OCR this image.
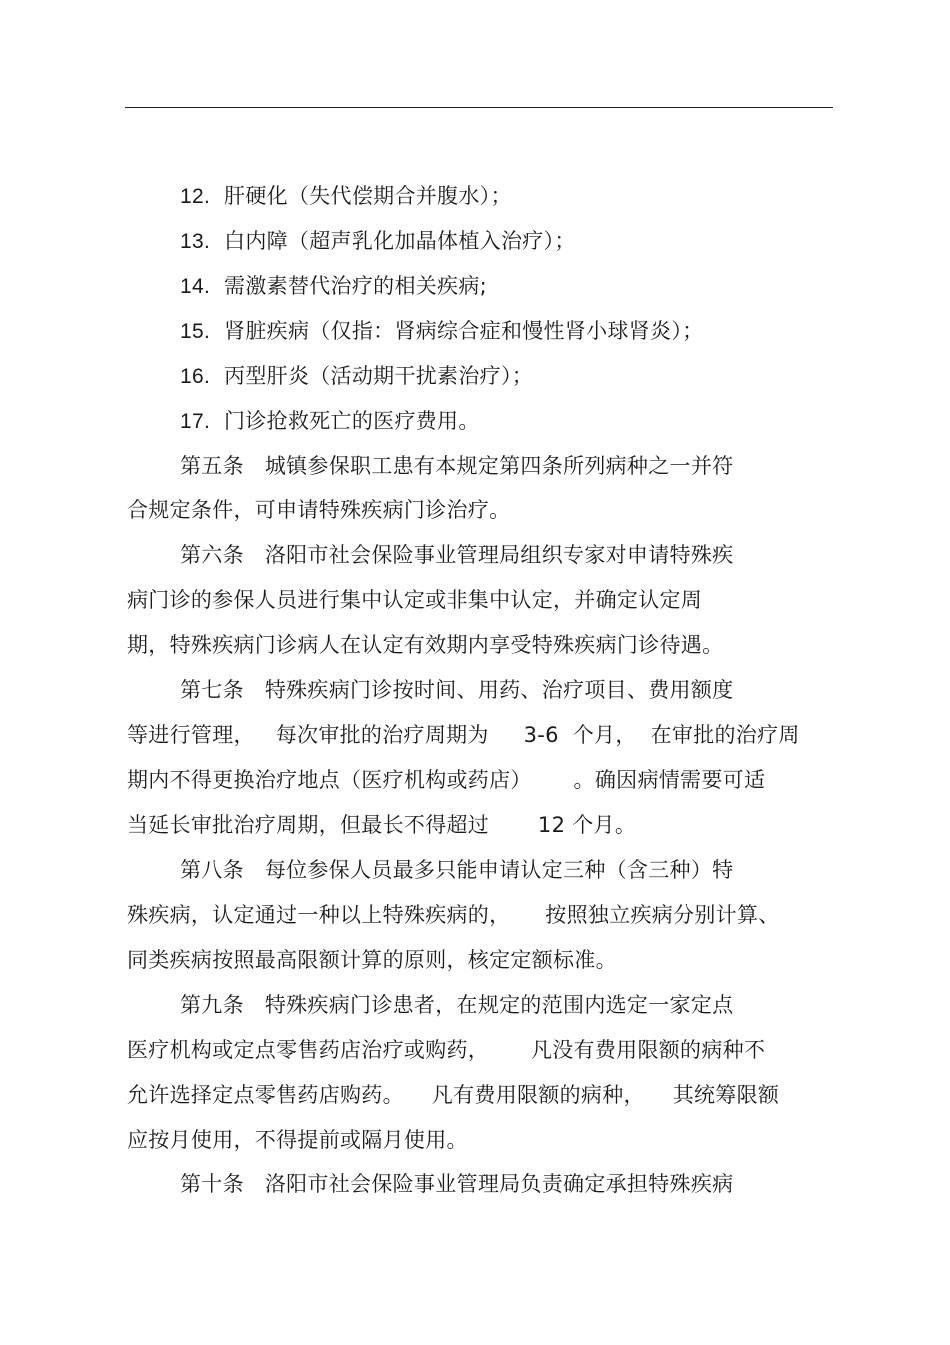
12. 肝硬化（失代偿期合并腹水）；
13. 白内障（超声乳化加晶体植入治疗）；
14. 需激素替代治疗的相关疾病;
15. 肾脏疾病（仅指：肾病综合症和慢性肾小球肾炎）；
16. 丙型肝炎（活动期干扰素治疗）；
17. 门诊抢救死亡的医疗费用。
第五条   城镇参保职工患有本规定第四条所列病种之一并符
合规定条件，可申请特殊疾病门诊治疗。
第六条   洛阳市社会保险事业管理局组织专家对申请特殊疾
病门诊的参保人员进行集中认定或非集中认定，并确定认定周
期，特殊疾病门诊病人在认定有效期内享受特殊疾病门诊待遇。
第七条   特殊疾病门诊按时间、用药、治疗项目、费用额度
等进行管理，   每次审批的治疗周期为     3-6  个月，  在审批的治疗周
期内不得更换治疗地点（医疗机构或药店）      。确因病情需要可适
当延长审批治疗周期，但最长不得超过       12 个月。
第八条   每位参保人员最多只能申请认定三种（含三种）特
殊疾病，认定通过一种以上特殊疾病的，     按照独立疾病分别计算、
同类疾病按照最高限额计算的原则，核定定额标准。
第九条   特殊疾病门诊患者，在规定的范围内选定一家定点
医疗机构或定点零售药店治疗或购药，      凡没有费用限额的病种不
允许选择定点零售药店购药。    凡有费用限额的病种，    其统筹限额
应按月使用，不得提前或隔月使用。
第十条   洛阳市社会保险事业管理局负责确定承担特殊疾病
